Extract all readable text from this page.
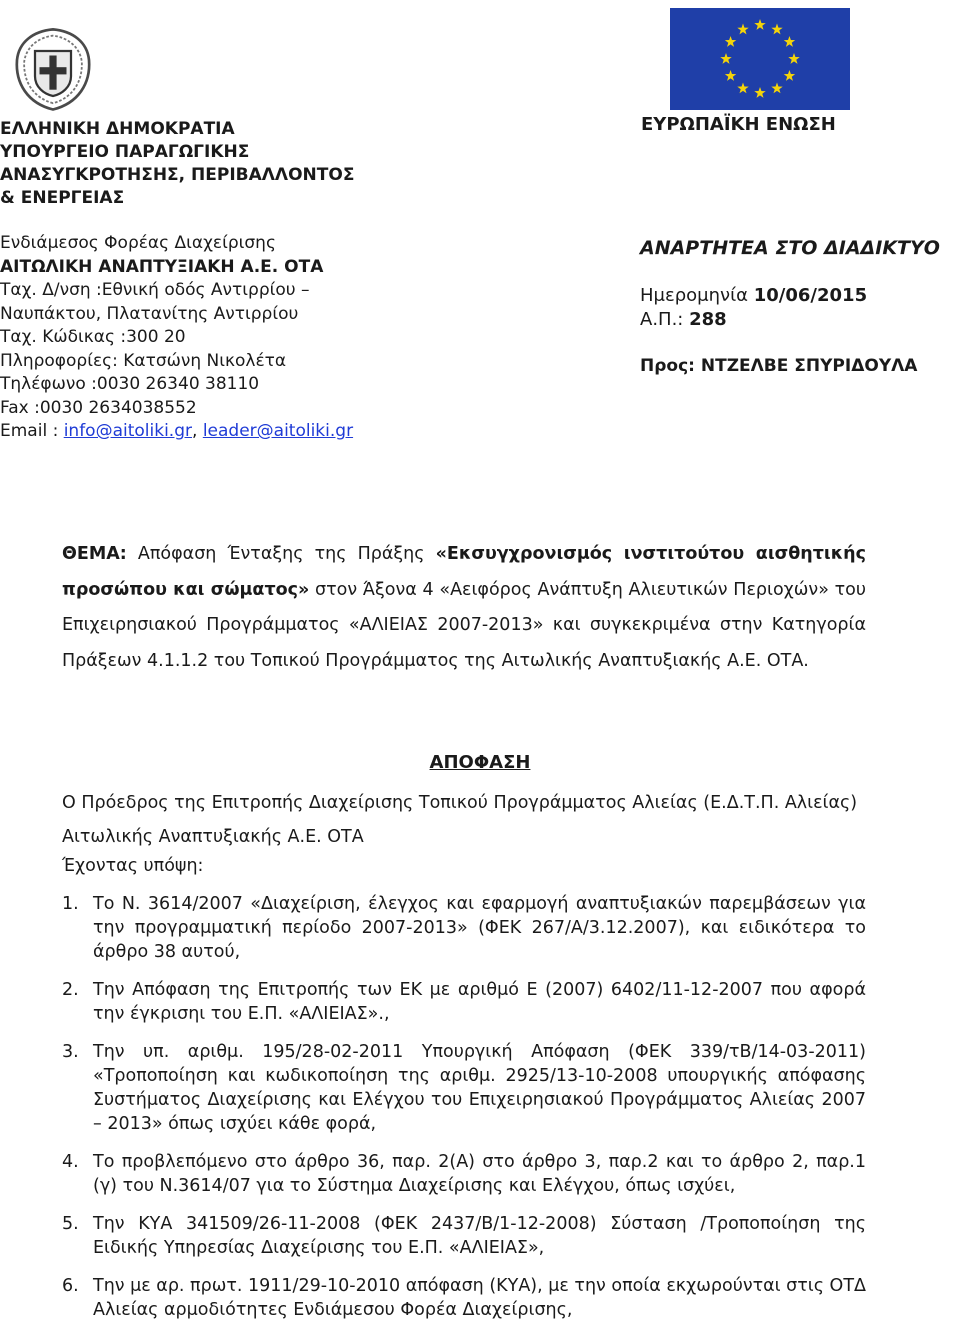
ΕΛΛΗΝΙΚΗ ΔΗΜΟΚΡΑΤΙΑ
ΥΠΟΥΡΓΕΙΟ ΠΑΡΑΓΩΓΙΚΗΣ
ΑΝΑΣΥΓΚΡΟΤΗΣΗΣ, ΠΕΡΙΒΑΛΛΟΝΤΟΣ
& ΕΝΕΡΓΕΙΑΣ
Ενδιάμεσος Φορέας Διαχείρισης
ΑΙΤΩΛΙΚΗ ΑΝΑΠΤΥΞΙΑΚΗ Α.Ε. ΟΤΑ
Ταχ. Δ/νση :Εθνική οδός Αντιρρίου –
Ναυπάκτου, Πλατανίτης Αντιρρίου
Ταχ. Κώδικας :300 20
Πληροφορίες: Κατσώνη Νικολέτα
Τηλέφωνο :0030 26340 38110
Fax :0030 2634038552
Email : info@aitoliki.gr, leader@aitoliki.gr
ΕΥΡΩΠΑΪΚΗ ΕΝΩΣΗ
ΑΝΑΡΤΗΤΕΑ ΣΤΟ ΔΙΑΔΙΚΤΥΟ
Ημερομηνία 10/06/2015
Α.Π.: 288
Προς: ΝΤΖΕΛΒΕ ΣΠΥΡΙΔΟΥΛΑ
ΘΕΜΑ: Απόφαση Ένταξης της Πράξης «Εκσυγχρονισμός ινστιτούτου αισθητικής προσώπου και σώματος» στον Άξονα 4 «Αειφόρος Ανάπτυξη Αλιευτικών Περιοχών» του Επιχειρησιακού Προγράμματος «ΑΛΙΕΙΑΣ 2007-2013» και συγκεκριμένα στην Κατηγορία Πράξεων 4.1.1.2 του Τοπικού Προγράμματος της Αιτωλικής Αναπτυξιακής Α.Ε. ΟΤΑ.
ΑΠΟΦΑΣΗ
Ο Πρόεδρος της Επιτροπής Διαχείρισης Τοπικού Προγράμματος Αλιείας (Ε.Δ.Τ.Π. Αλιείας) Αιτωλικής Αναπτυξιακής Α.Ε. ΟΤΑ
Έχοντας υπόψη:
1. Το Ν. 3614/2007 «Διαχείριση, έλεγχος και εφαρμογή αναπτυξιακών παρεμβάσεων για την προγραμματική περίοδο 2007-2013» (ΦΕΚ 267/Α/3.12.2007), και ειδικότερα το άρθρο 38 αυτού,
2. Την Απόφαση της Επιτροπής των ΕΚ με αριθμό Ε (2007) 6402/11-12-2007 που αφορά την έγκρισηι του Ε.Π. «ΑΛΙΕΙΑΣ».,
3. Την υπ. αριθμ. 195/28-02-2011 Υπουργική Απόφαση (ΦΕΚ 339/τΒ/14-03-2011) «Τροποποίηση και κωδικοποίηση της αριθμ. 2925/13-10-2008 υπουργικής απόφασης Συστήματος Διαχείρισης και Ελέγχου του Επιχειρησιακού Προγράμματος Αλιείας 2007 – 2013» όπως ισχύει κάθε φορά,
4. Το προβλεπόμενο στο άρθρο 36, παρ. 2(Α) στο άρθρο 3, παρ.2 και το άρθρο 2, παρ.1 (γ) του Ν.3614/07 για το Σύστημα Διαχείρισης και Ελέγχου, όπως ισχύει,
5. Την ΚΥΑ 341509/26-11-2008 (ΦΕΚ 2437/Β/1-12-2008) Σύσταση /Τροποποίηση της Ειδικής Υπηρεσίας Διαχείρισης του Ε.Π. «ΑΛΙΕΙΑΣ»,
6. Την με αρ. πρωτ. 1911/29-10-2010 απόφαση (ΚΥΑ), με την οποία εκχωρούνται στις ΟΤΔ Αλιείας αρμοδιότητες Ενδιάμεσου Φορέα Διαχείρισης,
